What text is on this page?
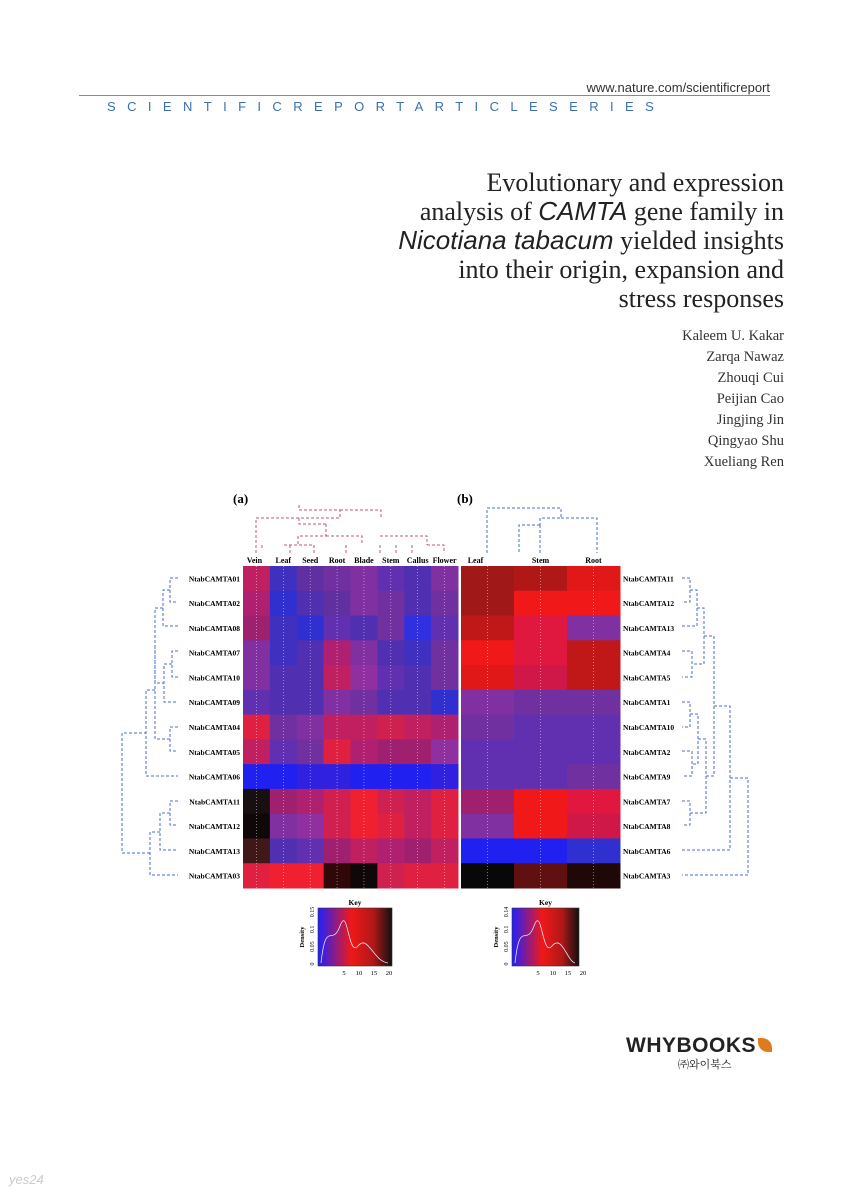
www.nature.com/scientificreport
SCIENTIFICREPORTARTICLESERIES
Evolutionary and expression
analysis of CAMTA gene family in
Nicotiana tabacum yielded insights
into their origin, expansion and
stress responses
Kaleem U. Kakar
Zarqa Nawaz
Zhouqi Cui
Peijian Cao
Jingjing Jin
Qingyao Shu
Xueliang Ren
(a)
Vein Leaf Seed Root Blade Stem Callus Flower
NtabCAMTA01
NtabCAMTA02
NtabCAMTA08
NtabCAMTA07
NtabCAMTA10
NtabCAMTA09
NtabCAMTA04
NtabCAMTA05
NtabCAMTA06
NtabCAMTA11
NtabCAMTA12
NtabCAMTA13
NtabCAMTA03
(b)
Leaf	Stem	Root
NtabCAMTA11
NtabCAMTA12
NtabCAMTA13
NtabCAMTA4
NtabCAMTA5
NtabCAMTA1
NtabCAMTA10
NtabCAMTA2
NtabCAMTA9
NtabCAMTA7
NtabCAMTA8
NtabCAMTA6
NtabCAMTA3
Key
Density
0
0.05
0.1
0.15
5 10 15 20
Key
Density
0
0.05
0.1
0.14
5 10 15 20
WHYBOOKS
㈜와이북스
yes24
